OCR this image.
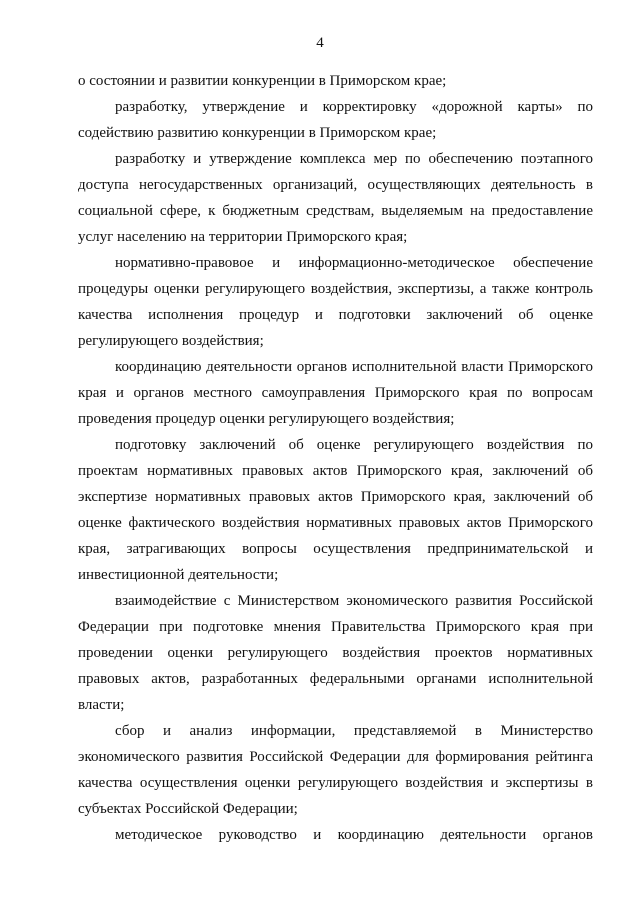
4

о состоянии и развитии конкуренции в Приморском крае;

разработку, утверждение и корректировку «дорожной карты» по содействию развитию конкуренции в Приморском крае;

разработку и утверждение комплекса мер по обеспечению поэтапного доступа негосударственных организаций, осуществляющих деятельность в социальной сфере, к бюджетным средствам, выделяемым на предоставление услуг населению на территории Приморского края;

нормативно-правовое и информационно-методическое обеспечение процедуры оценки регулирующего воздействия, экспертизы, а также контроль качества исполнения процедур и подготовки заключений об оценке регулирующего воздействия;

координацию деятельности органов исполнительной власти Приморского края и органов местного самоуправления Приморского края по вопросам проведения процедур оценки регулирующего воздействия;

подготовку заключений об оценке регулирующего воздействия по проектам нормативных правовых актов Приморского края, заключений об экспертизе нормативных правовых актов Приморского края, заключений об оценке фактического воздействия нормативных правовых актов Приморского края, затрагивающих вопросы осуществления предпринимательской и инвестиционной деятельности;

взаимодействие с Министерством экономического развития Российской Федерации при подготовке мнения Правительства Приморского края при проведении оценки регулирующего воздействия проектов нормативных правовых актов, разработанных федеральными органами исполнительной власти;

сбор и анализ информации, представляемой в Министерство экономического развития Российской Федерации для формирования рейтинга качества осуществления оценки регулирующего воздействия и экспертизы в субъектах Российской Федерации;

методическое руководство и координацию деятельности органов
